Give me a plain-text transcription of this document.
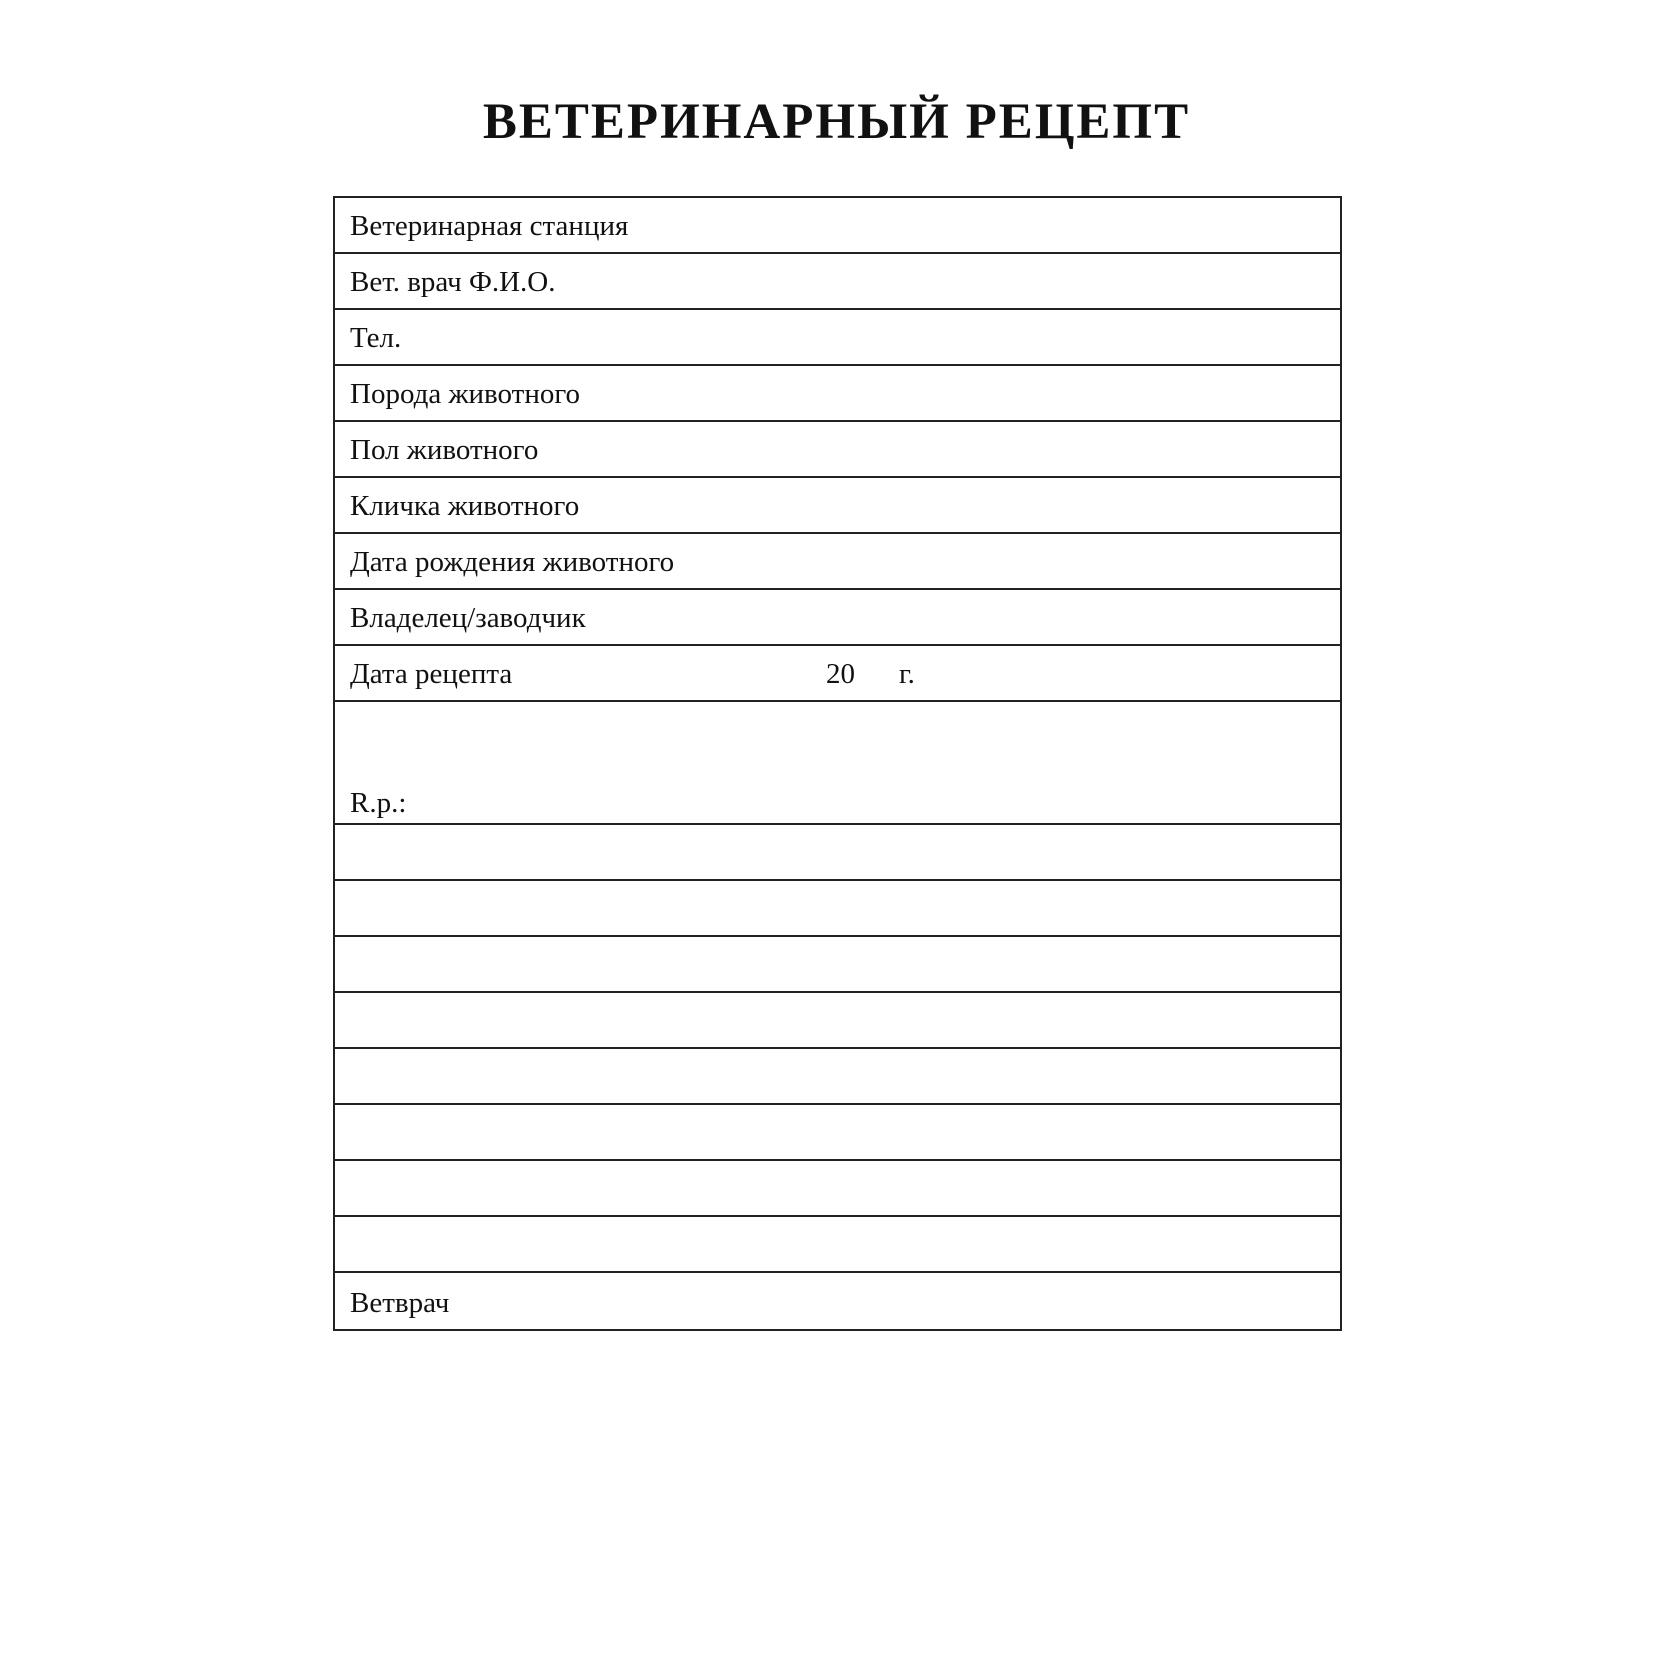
ВЕТЕРИНАРНЫЙ РЕЦЕПТ
Ветеринарная станция
Вет. врач Ф.И.О.
Тел.
Порода животного
Пол животного
Кличка животного
Дата рождения животного
Владелец/заводчик
Дата рецепта	20 г.
R.p.:
Ветврач
